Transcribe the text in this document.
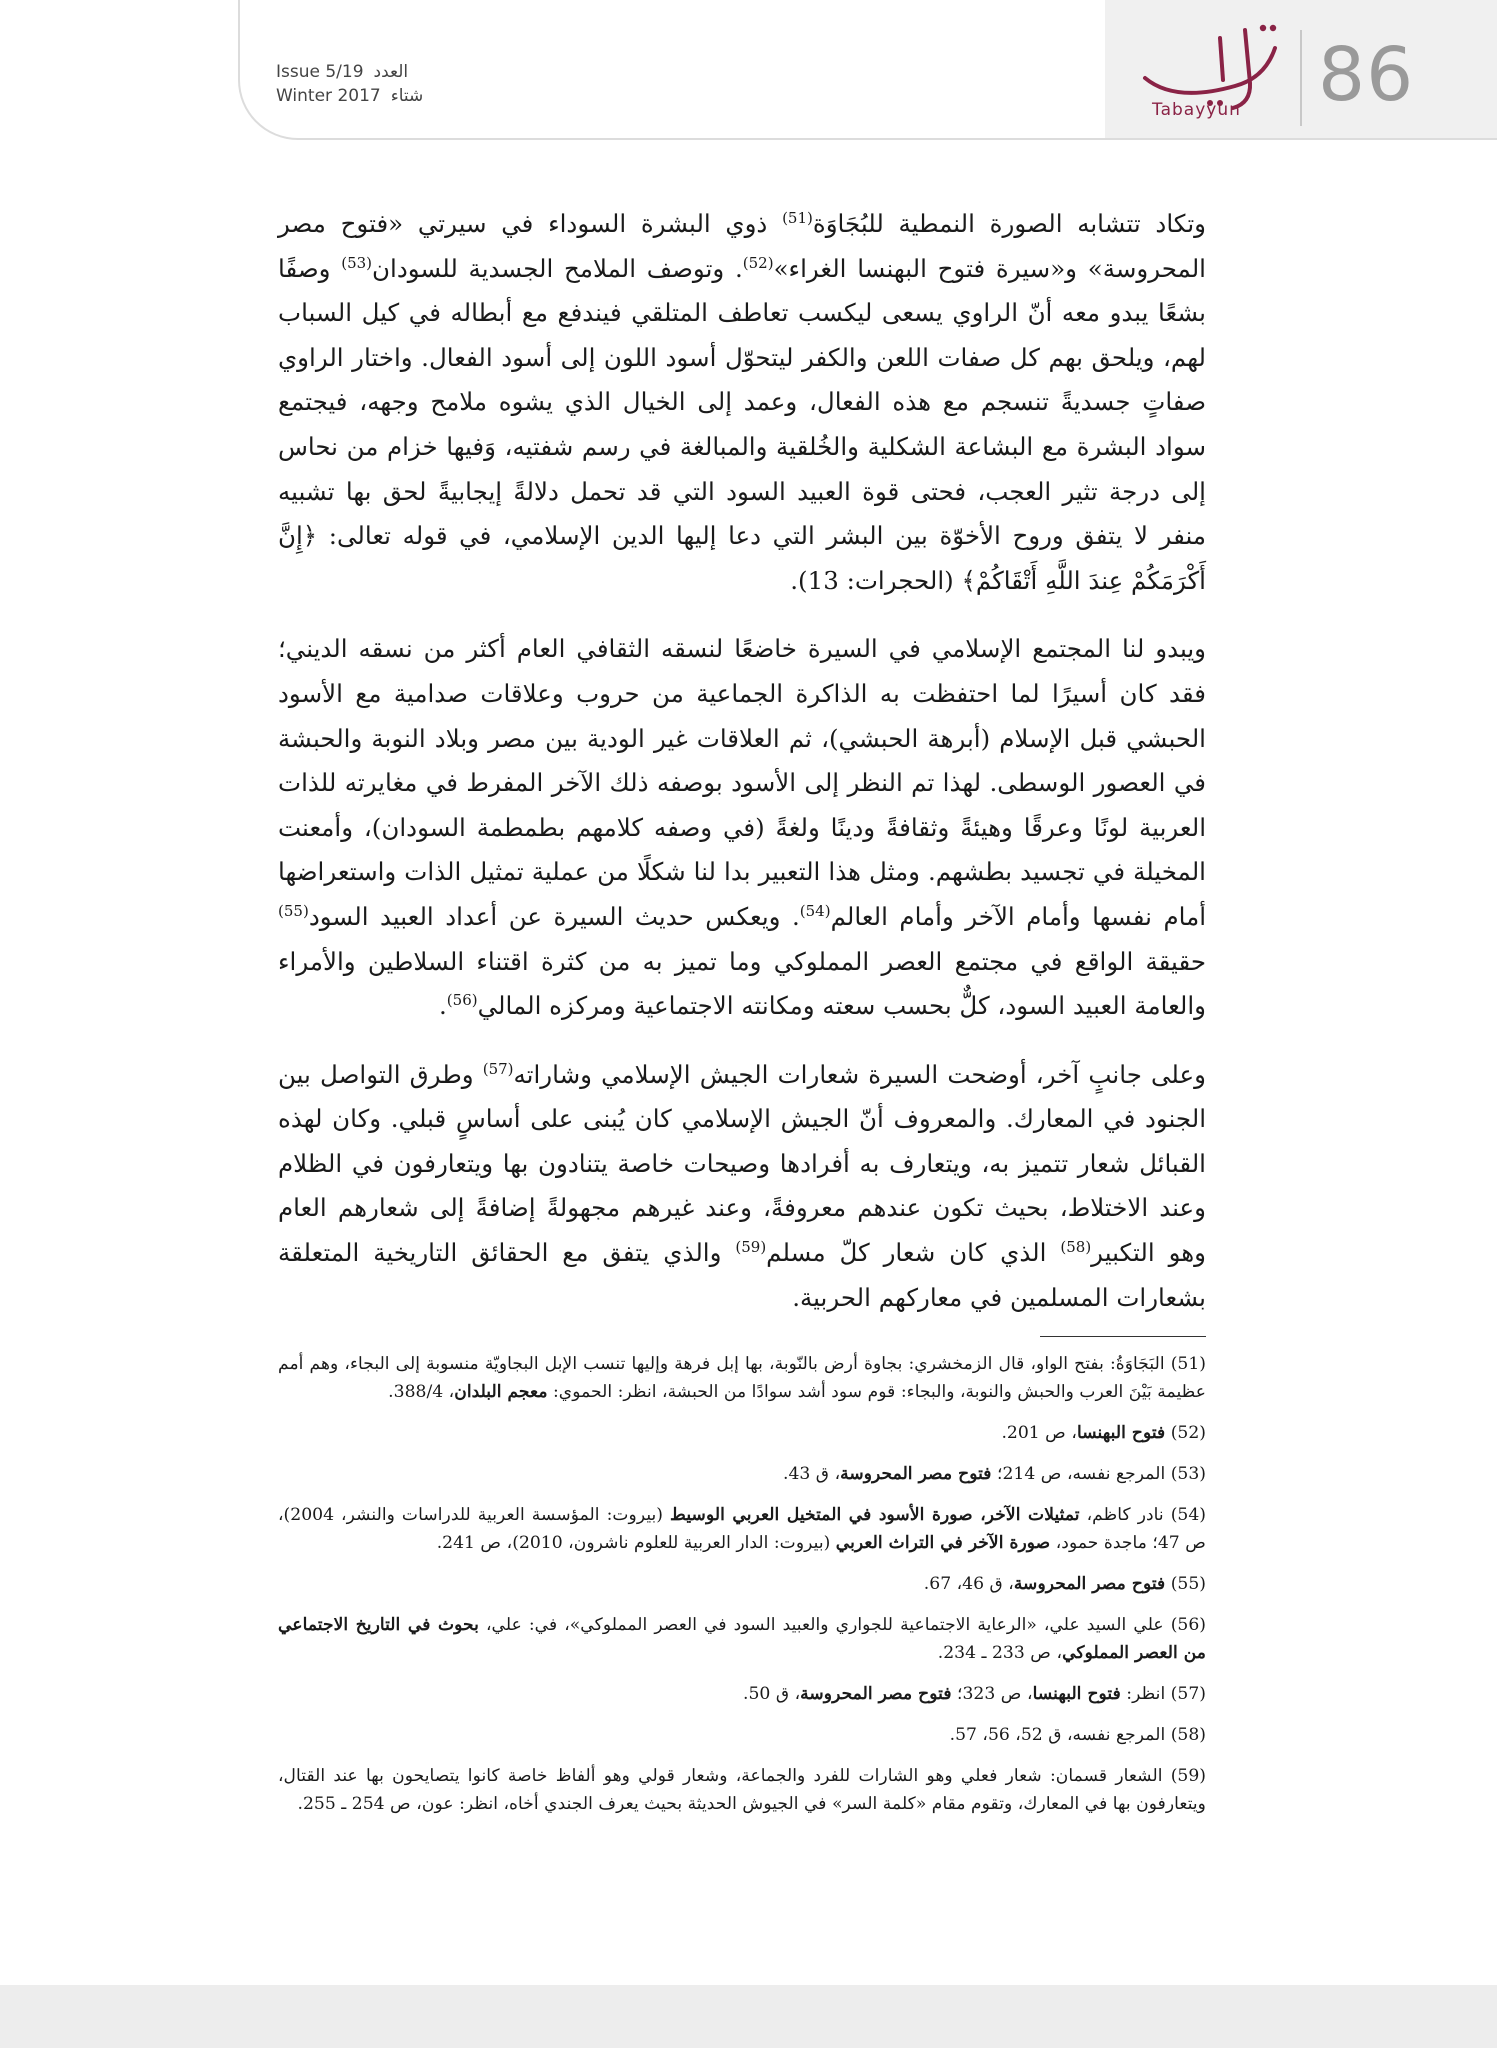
Issue 5/19 العدد
Winter 2017 شتاء
Tabayyun 86

وتكاد تتشابه الصورة النمطية للبُجَاوَة$^{(51)}$ ذوي البشرة السوداء في سيرتي «فتوح مصر المحروسة» و«سيرة فتوح البهنسا الغراء»$^{(52)}$. وتوصف الملامح الجسدية للسودان$^{(53)}$ وصفًا بشعًا يبدو معه أنّ الراوي يسعى ليكسب تعاطف المتلقي فيندفع مع أبطاله في كيل السباب لهم، ويلحق بهم كل صفات اللعن والكفر ليتحوّل أسود اللون إلى أسود الفعال. واختار الراوي صفاتٍ جسديةً تنسجم مع هذه الفعال، وعمد إلى الخيال الذي يشوه ملامح وجهه، فيجتمع سواد البشرة مع البشاعة الشكلية والخُلقية والمبالغة في رسم شفتيه، وَفيها خزام من نحاس إلى درجة تثير العجب، فحتى قوة العبيد السود التي قد تحمل دلالةً إيجابيةً لحق بها تشبيه منفر لا يتفق وروح الأخوّة بين البشر التي دعا إليها الدين الإسلامي، في قوله تعالى: ﴿إِنَّ أَكْرَمَكُمْ عِندَ اللَّهِ أَتْقَاكُمْ﴾ (الحجرات: 13).

ويبدو لنا المجتمع الإسلامي في السيرة خاضعًا لنسقه الثقافي العام أكثر من نسقه الديني؛ فقد كان أسيرًا لما احتفظت به الذاكرة الجماعية من حروب وعلاقات صدامية مع الأسود الحبشي قبل الإسلام (أبرهة الحبشي)، ثم العلاقات غير الودية بين مصر وبلاد النوبة والحبشة في العصور الوسطى. لهذا تم النظر إلى الأسود بوصفه ذلك الآخر المفرط في مغايرته للذات العربية لونًا وعرقًا وهيئةً وثقافةً ودينًا ولغةً (في وصفه كلامهم بطمطمة السودان)، وأمعنت المخيلة في تجسيد بطشهم. ومثل هذا التعبير بدا لنا شكلًا من عملية تمثيل الذات واستعراضها أمام نفسها وأمام الآخر وأمام العالم$^{(54)}$. ويعكس حديث السيرة عن أعداد العبيد السود$^{(55)}$ حقيقة الواقع في مجتمع العصر المملوكي وما تميز به من كثرة اقتناء السلاطين والأمراء والعامة العبيد السود، كلٌّ بحسب سعته ومكانته الاجتماعية ومركزه المالي$^{(56)}$.

وعلى جانبٍ آخر، أوضحت السيرة شعارات الجيش الإسلامي وشاراته$^{(57)}$ وطرق التواصل بين الجنود في المعارك. والمعروف أنّ الجيش الإسلامي كان يُبنى على أساسٍ قبلي. وكان لهذه القبائل شعار تتميز به، ويتعارف به أفرادها وصيحات خاصة يتنادون بها ويتعارفون في الظلام وعند الاختلاط، بحيث تكون عندهم معروفةً، وعند غيرهم مجهولةً إضافةً إلى شعارهم العام وهو التكبير$^{(58)}$ الذي كان شعار كلّ مسلم$^{(59)}$ والذي يتفق مع الحقائق التاريخية المتعلقة بشعارات المسلمين في معاركهم الحربية.

(51) البَجَاوَةُ: بفتح الواو، قال الزمخشري: بجاوة أرض بالنّوبة، بها إبل فرهة وإليها تنسب الإبل البجاويّة منسوبة إلى البجاء، وهم أمم عظيمة بَيْنَ العرب والحبش والنوبة، والبجاء: قوم سود أشد سوادًا من الحبشة، انظر: الحموي: معجم البلدان، 388/4.

(52) فتوح البهنسا، ص 201.

(53) المرجع نفسه، ص 214؛ فتوح مصر المحروسة، ق 43.

(54) نادر كاظم، تمثيلات الآخر، صورة الأسود في المتخيل العربي الوسيط (بيروت: المؤسسة العربية للدراسات والنشر، 2004)، ص 47؛ ماجدة حمود، صورة الآخر في التراث العربي (بيروت: الدار العربية للعلوم ناشرون، 2010)، ص 241.

(55) فتوح مصر المحروسة، ق 46، 67.

(56) علي السيد علي، «الرعاية الاجتماعية للجواري والعبيد السود في العصر المملوكي»، في: علي، بحوث في التاريخ الاجتماعي من العصر المملوكي، ص 233 ـ 234.

(57) انظر: فتوح البهنسا، ص 323؛ فتوح مصر المحروسة، ق 50.

(58) المرجع نفسه، ق 52، 56، 57.

(59) الشعار قسمان: شعار فعلي وهو الشارات للفرد والجماعة، وشعار قولي وهو ألفاظ خاصة كانوا يتصايحون بها عند القتال، ويتعارفون بها في المعارك، وتقوم مقام «كلمة السر» في الجيوش الحديثة بحيث يعرف الجندي أخاه، انظر: عون، ص 254 ـ 255.
